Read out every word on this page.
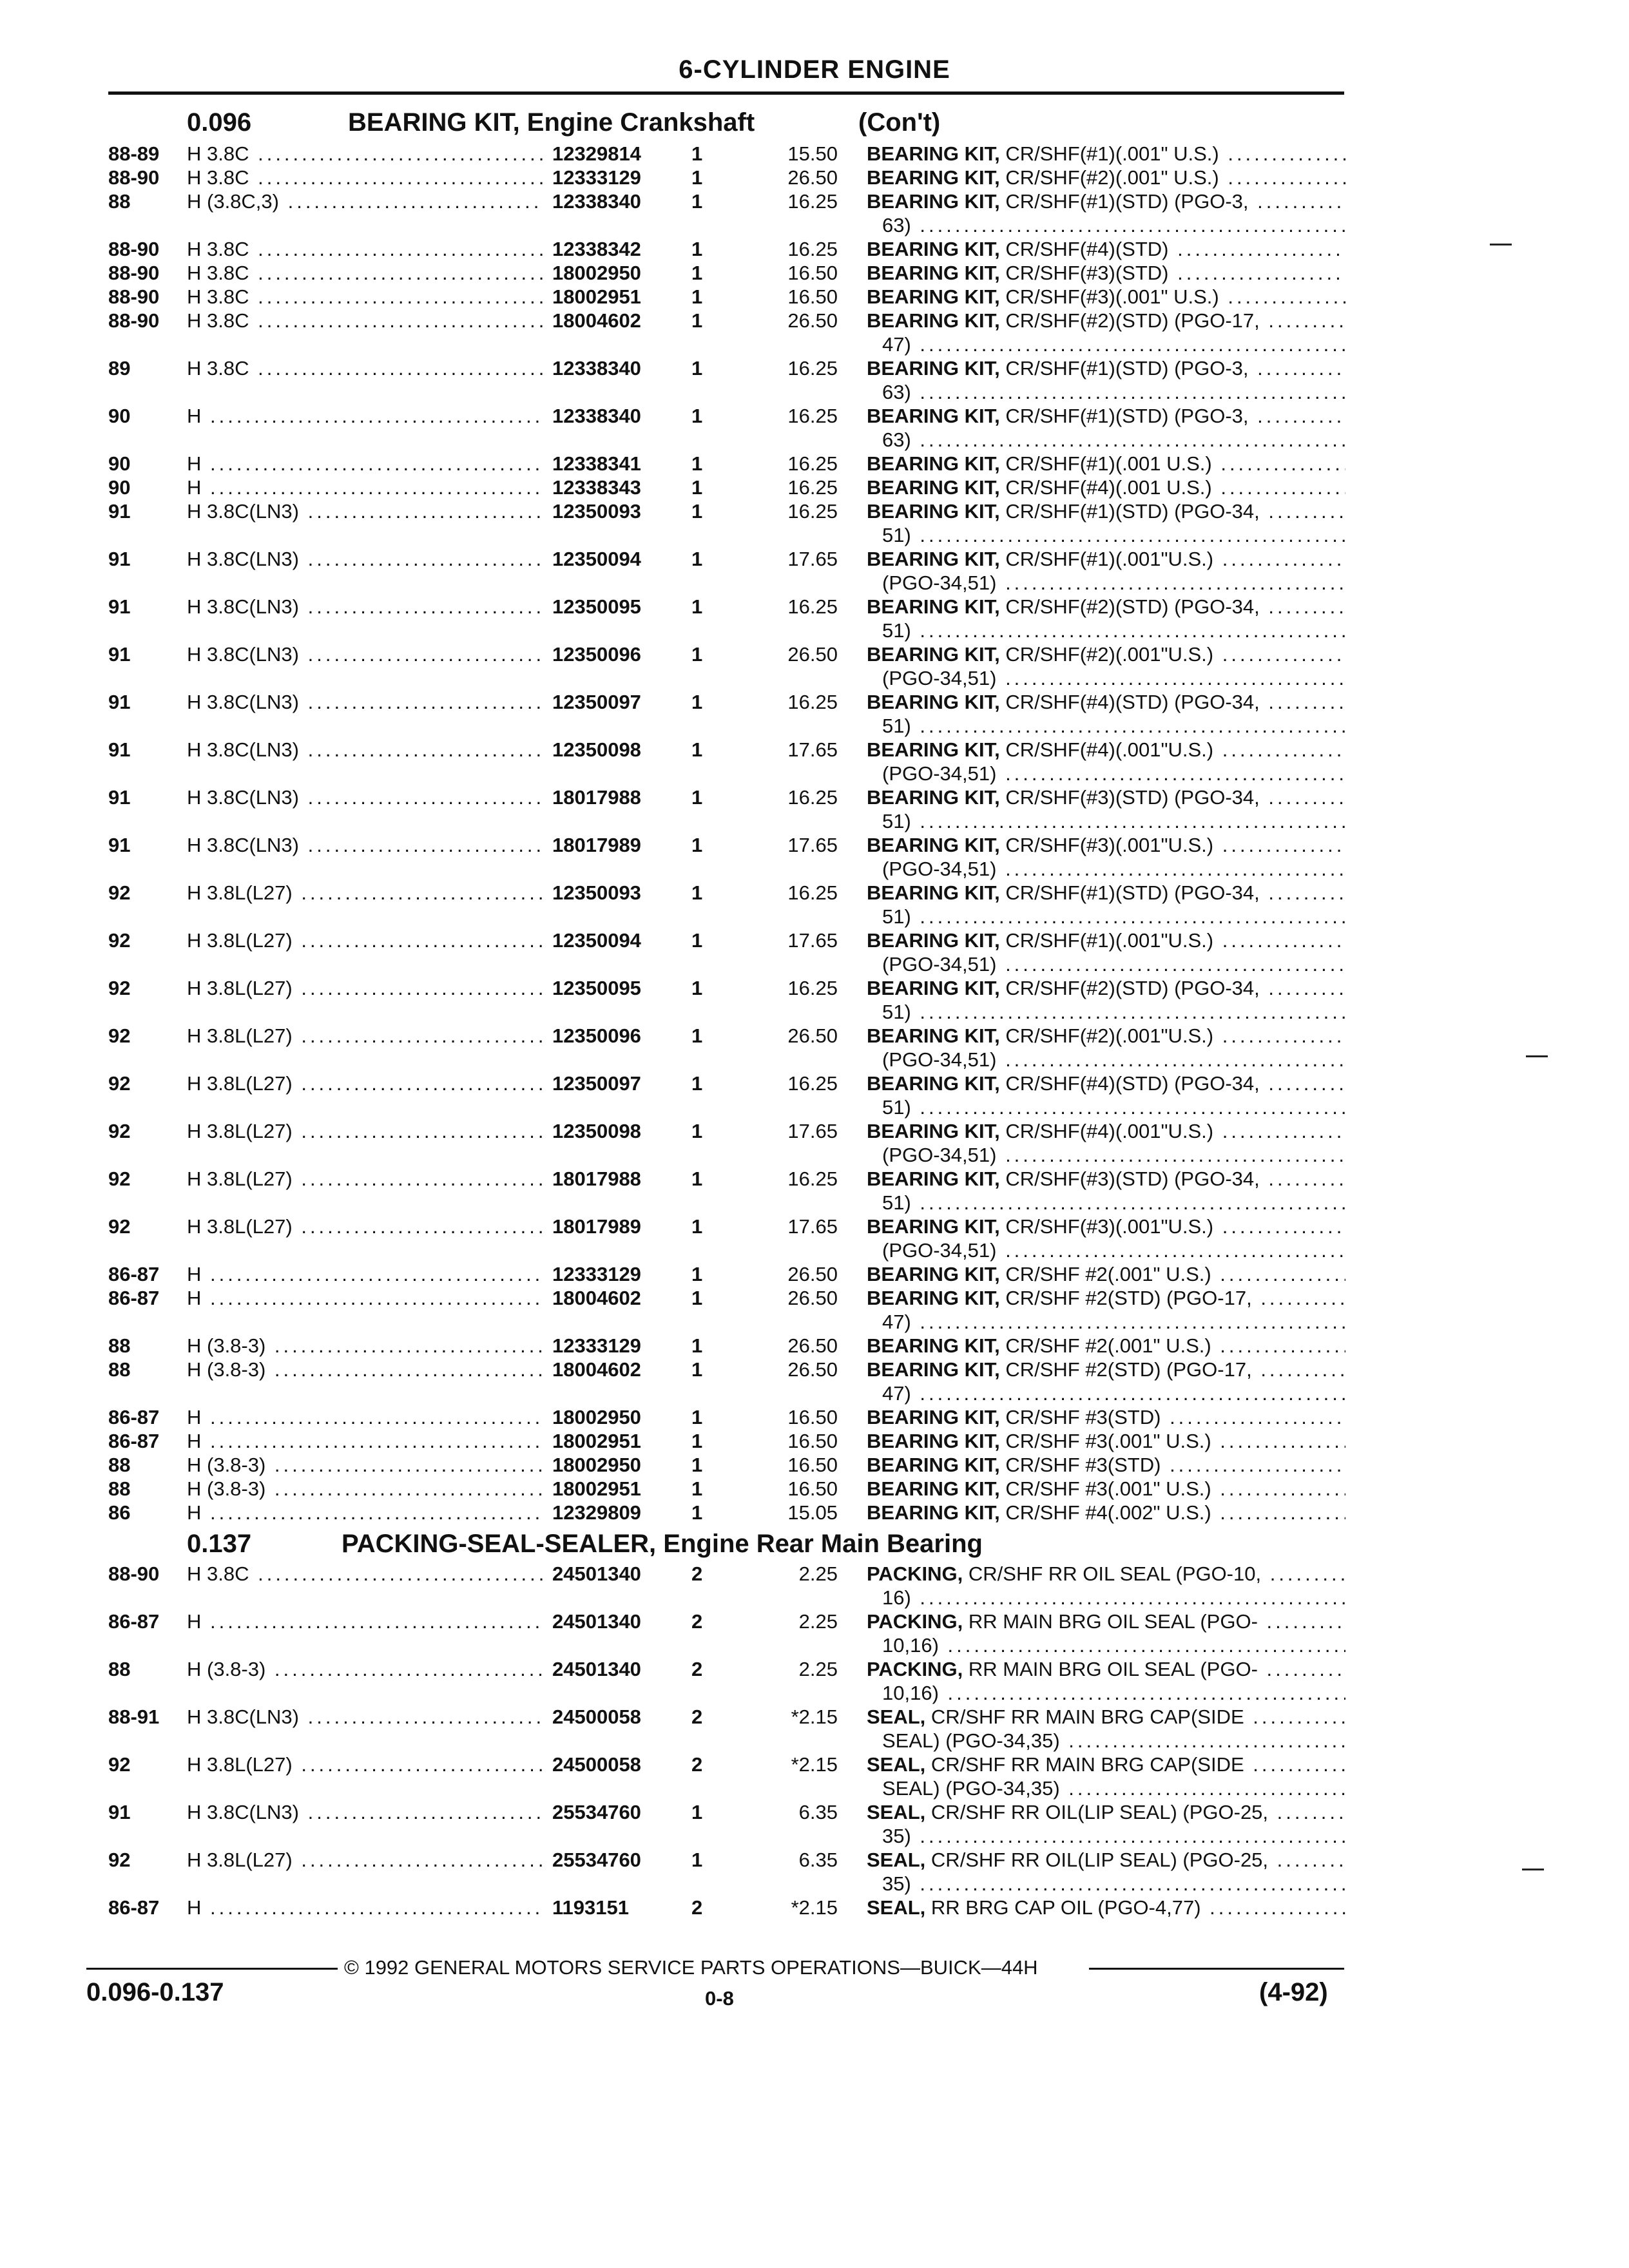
6-CYLINDER ENGINE
0.096	BEARING KIT, Engine Crankshaft	(Con't)
88-89	H 3.8C .....	12329814	1	15.50 BEARING KIT, CR/SHF(#1)(.001" U.S.) .....
88-90	H 3.8C .....	12333129	1	26.50 BEARING KIT, CR/SHF(#2)(.001" U.S.) .....
88	H (3.8C,3) .....	12338340	1	16.25 BEARING KIT, CR/SHF(#1)(STD) (PGO-3, .....
63) .....
88-90	H 3.8C .....	12338342	1	16.25 BEARING KIT, CR/SHF(#4)(STD) .....
88-90	H 3.8C .....	18002950	1	16.50 BEARING KIT, CR/SHF(#3)(STD) .....
88-90	H 3.8C .....	18002951	1	16.50 BEARING KIT, CR/SHF(#3)(.001" U.S.) .....
88-90	H 3.8C .....	18004602	1	26.50 BEARING KIT, CR/SHF(#2)(STD) (PGO-17, .....
47) .....
89	H 3.8C .....	12338340	1	16.25 BEARING KIT, CR/SHF(#1)(STD) (PGO-3, .....
63) .....
90	H .....	12338340	1	16.25 BEARING KIT, CR/SHF(#1)(STD) (PGO-3, .....
63) .....
90	H .....	12338341	1	16.25 BEARING KIT, CR/SHF(#1)(.001 U.S.) .....
90	H .....	12338343	1	16.25 BEARING KIT, CR/SHF(#4)(.001 U.S.) .....
91	H 3.8C(LN3) .....	12350093	1	16.25 BEARING KIT, CR/SHF(#1)(STD) (PGO-34, .....
51) .....
91	H 3.8C(LN3) .....	12350094	1	17.65 BEARING KIT, CR/SHF(#1)(.001"U.S.) .....
(PGO-34,51) .....
91	H 3.8C(LN3) .....	12350095	1	16.25 BEARING KIT, CR/SHF(#2)(STD) (PGO-34, .....
51) .....
91	H 3.8C(LN3) .....	12350096	1	26.50 BEARING KIT, CR/SHF(#2)(.001"U.S.) .....
(PGO-34,51) .....
91	H 3.8C(LN3) .....	12350097	1	16.25 BEARING KIT, CR/SHF(#4)(STD) (PGO-34, .....
51) .....
91	H 3.8C(LN3) .....	12350098	1	17.65 BEARING KIT, CR/SHF(#4)(.001"U.S.) .....
(PGO-34,51) .....
91	H 3.8C(LN3) .....	18017988	1	16.25 BEARING KIT, CR/SHF(#3)(STD) (PGO-34, .....
51) .....
91	H 3.8C(LN3) .....	18017989	1	17.65 BEARING KIT, CR/SHF(#3)(.001"U.S.) .....
(PGO-34,51) .....
92	H 3.8L(L27) .....	12350093	1	16.25 BEARING KIT, CR/SHF(#1)(STD) (PGO-34, .....
51) .....
92	H 3.8L(L27) .....	12350094	1	17.65 BEARING KIT, CR/SHF(#1)(.001"U.S.) .....
(PGO-34,51) .....
92	H 3.8L(L27) .....	12350095	1	16.25 BEARING KIT, CR/SHF(#2)(STD) (PGO-34, .....
51) .....
92	H 3.8L(L27) .....	12350096	1	26.50 BEARING KIT, CR/SHF(#2)(.001"U.S.) .....
(PGO-34,51) .....
92	H 3.8L(L27) .....	12350097	1	16.25 BEARING KIT, CR/SHF(#4)(STD) (PGO-34, .....
51) .....
92	H 3.8L(L27) .....	12350098	1	17.65 BEARING KIT, CR/SHF(#4)(.001"U.S.) .....
(PGO-34,51) .....
92	H 3.8L(L27) .....	18017988	1	16.25 BEARING KIT, CR/SHF(#3)(STD) (PGO-34, .....
51) .....
92	H 3.8L(L27) .....	18017989	1	17.65 BEARING KIT, CR/SHF(#3)(.001"U.S.) .....
(PGO-34,51) .....
86-87	H .....	12333129	1	26.50 BEARING KIT, CR/SHF #2(.001" U.S.) .....
86-87	H .....	18004602	1	26.50 BEARING KIT, CR/SHF #2(STD) (PGO-17, .....
47) .....
88	H (3.8-3) .....	12333129	1	26.50 BEARING KIT, CR/SHF #2(.001" U.S.) .....
88	H (3.8-3) .....	18004602	1	26.50 BEARING KIT, CR/SHF #2(STD) (PGO-17, .....
47) .....
86-87	H .....	18002950	1	16.50 BEARING KIT, CR/SHF #3(STD) .....
86-87	H .....	18002951	1	16.50 BEARING KIT, CR/SHF #3(.001" U.S.) .....
88	H (3.8-3) .....	18002950	1	16.50 BEARING KIT, CR/SHF #3(STD) .....
88	H (3.8-3) .....	18002951	1	16.50 BEARING KIT, CR/SHF #3(.001" U.S.) .....
86	H .....	12329809	1	15.05 BEARING KIT, CR/SHF #4(.002" U.S.) .....
0.137	PACKING-SEAL-SEALER, Engine Rear Main Bearing
88-90	H 3.8C .....	24501340	2	2.25 PACKING, CR/SHF RR OIL SEAL (PGO-10, .....
16) .....
86-87	H .....	24501340	2	2.25 PACKING, RR MAIN BRG OIL SEAL (PGO- .....
10,16) .....
88	H (3.8-3) .....	24501340	2	2.25 PACKING, RR MAIN BRG OIL SEAL (PGO- .....
10,16) .....
88-91	H 3.8C(LN3) .....	24500058	2	*2.15 SEAL, CR/SHF RR MAIN BRG CAP(SIDE .....
SEAL) (PGO-34,35) .....
92	H 3.8L(L27) .....	24500058	2	*2.15 SEAL, CR/SHF RR MAIN BRG CAP(SIDE .....
SEAL) (PGO-34,35) .....
91	H 3.8C(LN3) .....	25534760	1	6.35 SEAL, CR/SHF RR OIL(LIP SEAL) (PGO-25, .....
35) .....
92	H 3.8L(L27) .....	25534760	1	6.35 SEAL, CR/SHF RR OIL(LIP SEAL) (PGO-25, .....
35) .....
86-87	H .....	1193151	2	*2.15 SEAL, RR BRG CAP OIL (PGO-4,77) .....
© 1992 GENERAL MOTORS SERVICE PARTS OPERATIONS—BUICK—44H
0.096-0.137	0-8	(4-92)
